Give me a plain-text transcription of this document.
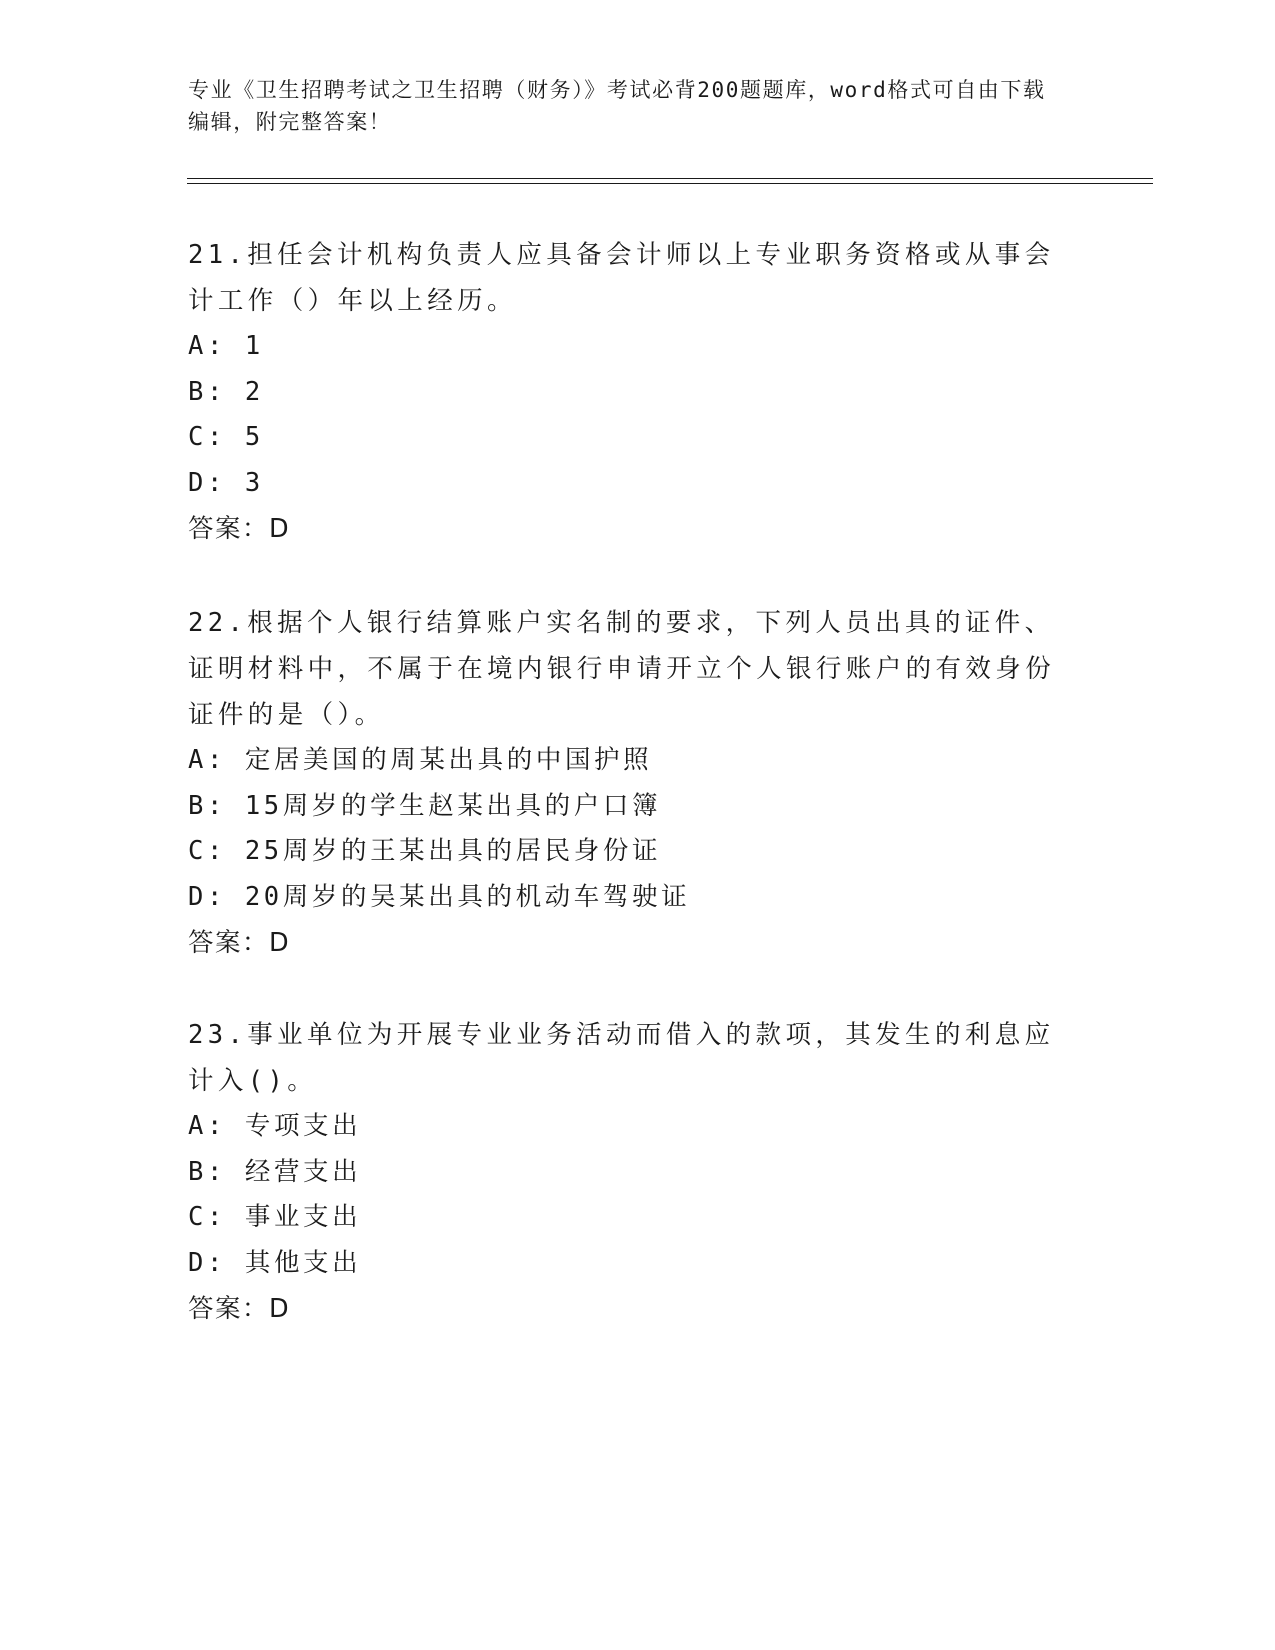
专业《卫生招聘考试之卫生招聘（财务）》考试必背200题题库，word格式可自由下载编辑，附完整答案！

21.担任会计机构负责人应具备会计师以上专业职务资格或从事会计工作（）年以上经历。

A: 1

B: 2

C: 5

D: 3

答案：D

22.根据个人银行结算账户实名制的要求，下列人员出具的证件、证明材料中，不属于在境内银行申请开立个人银行账户的有效身份证件的是（）。

A: 定居美国的周某出具的中国护照

B: 15周岁的学生赵某出具的户口簿

C: 25周岁的王某出具的居民身份证

D: 20周岁的吴某出具的机动车驾驶证

答案：D

23.事业单位为开展专业业务活动而借入的款项，其发生的利息应计入()。

A: 专项支出

B: 经营支出

C: 事业支出

D: 其他支出

答案：D
